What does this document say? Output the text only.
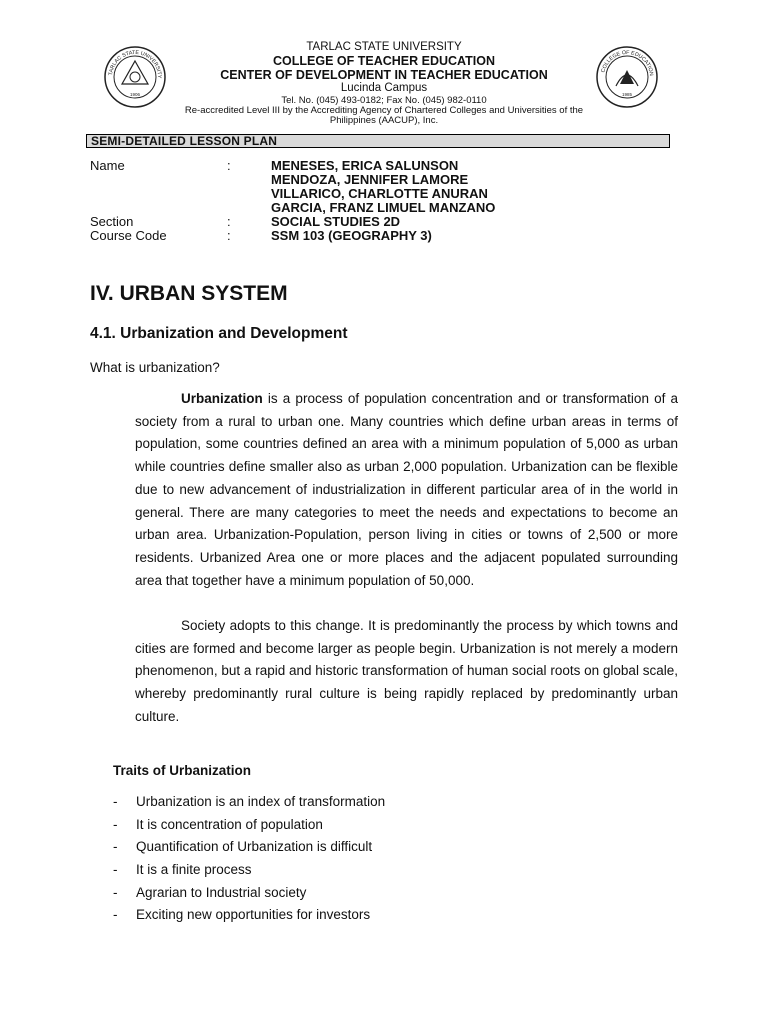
TARLAC STATE UNIVERSITY
1906
COLLEGE OF EDUCATION
1985
TARLAC STATE UNIVERSITY
COLLEGE OF TEACHER EDUCATION
CENTER OF DEVELOPMENT IN TEACHER EDUCATION
Lucinda Campus
Tel. No. (045) 493-0182; Fax No. (045) 982-0110
Re-accredited Level III by the Accrediting Agency of Chartered Colleges and Universities of the
Philippines (AACUP), Inc.
SEMI-DETAILED LESSON PLAN
Name	:	MENESES, ERICA SALUNSON
MENDOZA, JENNIFER LAMORE
VILLARICO, CHARLOTTE ANURAN
GARCIA, FRANZ LIMUEL MANZANO
Section	:	SOCIAL STUDIES 2D
Course Code	:	SSM 103 (GEOGRAPHY 3)
IV. URBAN SYSTEM
4.1. Urbanization and Development
What is urbanization?
Urbanization is a process of population concentration and or transformation of a society from a rural to urban one. Many countries which define urban areas in terms of population, some countries defined an area with a minimum population of 5,000 as urban while countries define smaller also as urban 2,000 population. Urbanization can be flexible due to new advancement of industrialization in different particular area of in the world in general. There are many categories to meet the needs and expectations to become an urban area. Urbanization-Population, person living in cities or towns of 2,500 or more residents. Urbanized Area one or more places and the adjacent populated surrounding area that together have a minimum population of 50,000.
Society adopts to this change. It is predominantly the process by which towns and cities are formed and become larger as people begin. Urbanization is not merely a modern phenomenon, but a rapid and historic transformation of human social roots on global scale, whereby predominantly rural culture is being rapidly replaced by predominantly urban culture.
Traits of Urbanization
- Urbanization is an index of transformation
- It is concentration of population
- Quantification of Urbanization is difficult
- It is a finite process
- Agrarian to Industrial society
- Exciting new opportunities for investors
